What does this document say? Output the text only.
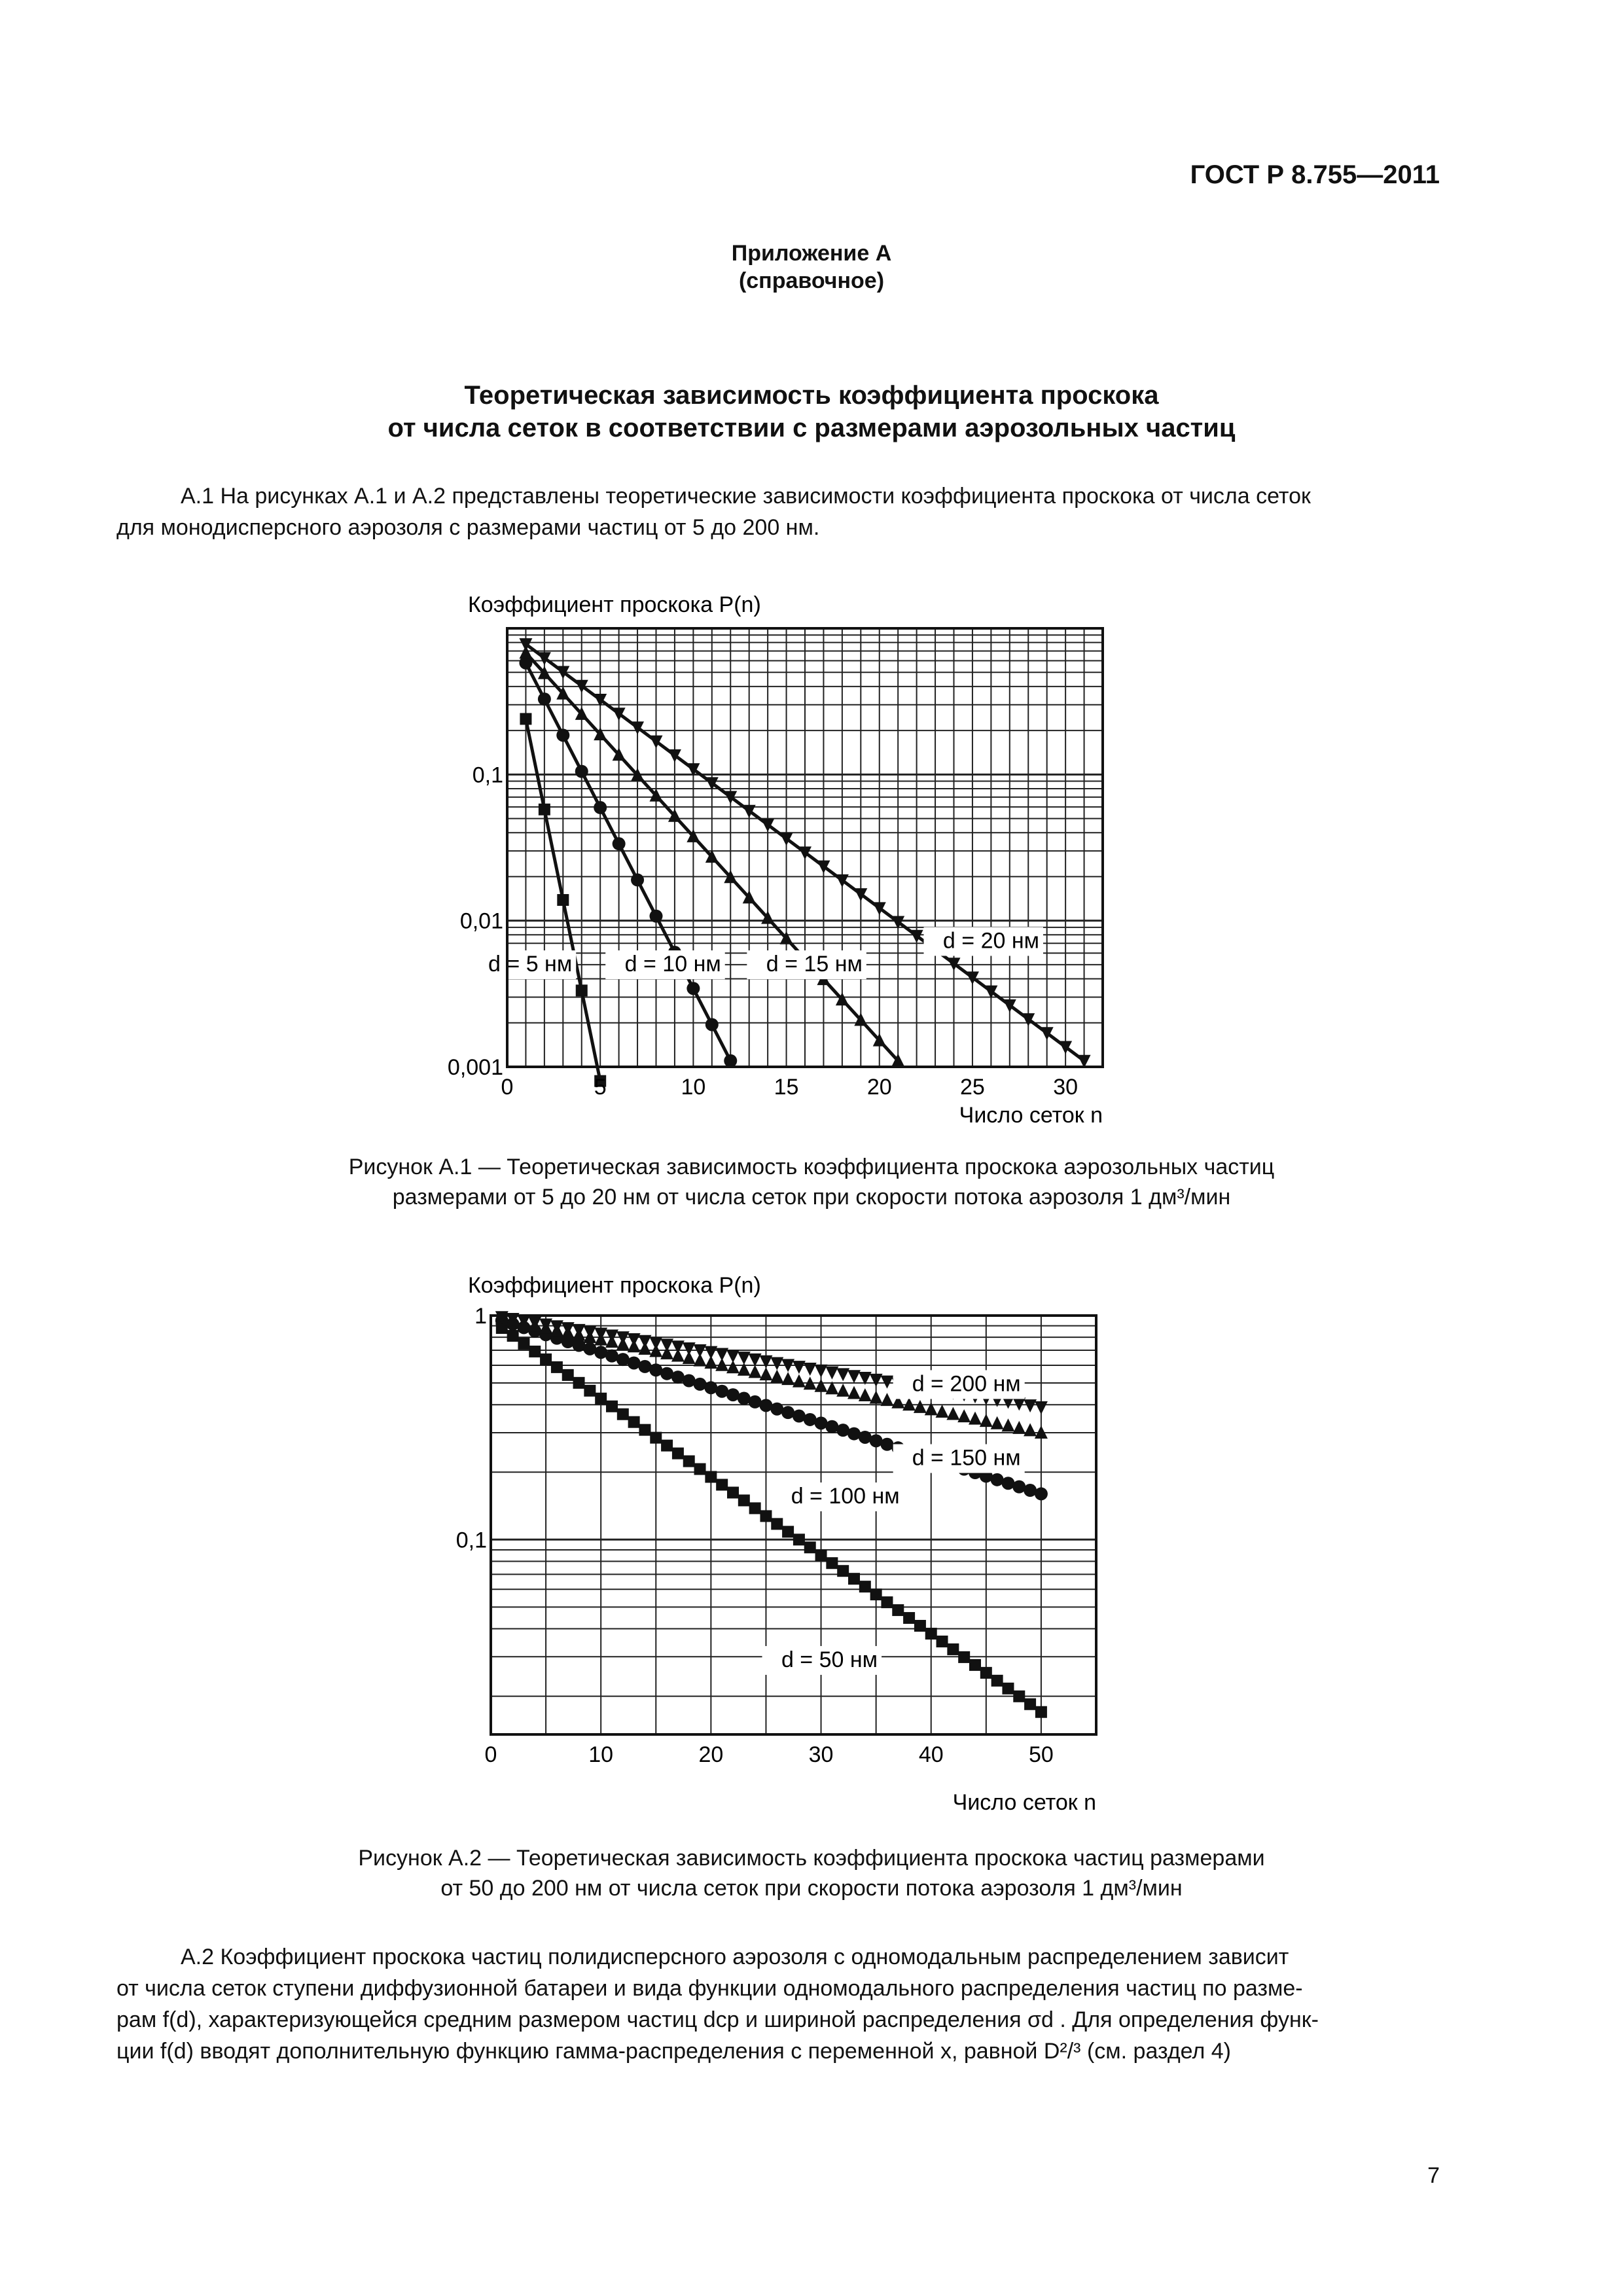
ГОСТ Р 8.755—2011
Приложение А
(справочное)
Теоретическая зависимость коэффициента проскока
от числа сеток в соответствии с размерами аэрозольных частиц
А.1 На рисунках А.1 и А.2 представлены теоретические зависимости коэффициента проскока от числа сеток
для монодисперсного аэрозоля с размерами частиц от 5 до 200 нм.
d = 5 нм d = 10 нм d = 15 нм
d = 20 нм
Коэффициент проскока P(n)
Число сеток n
0	5	10	15	20	25	30
0,001
0,01
0,1
Рисунок А.1 — Теоретическая зависимость коэффициента проскока аэрозольных частиц
размерами от 5 до 20 нм от числа сеток при скорости потока аэрозоля 1 дм³/мин
d = 50 нм
d = 100 нм
d = 150 нм
d = 200 нм
Коэффициент проскока P(n)
Число сеток n
0	10	20	30	40	50
0,1
1
Рисунок А.2 — Теоретическая зависимость коэффициента проскока частиц размерами
от 50 до 200 нм от числа сеток при скорости потока аэрозоля 1 дм³/мин
А.2 Коэффициент проскока частиц полидисперсного аэрозоля с одномодальным распределением зависит
от числа сеток ступени диффузионной батареи и вида функции одномодального распределения частиц по разме-
рам f(d), характеризующейся средним размером частиц dср и шириной распределения σd . Для определения функ-
ции f(d) вводят дополнительную функцию гамма-распределения с переменной x, равной D²/³ (см. раздел 4)
7
